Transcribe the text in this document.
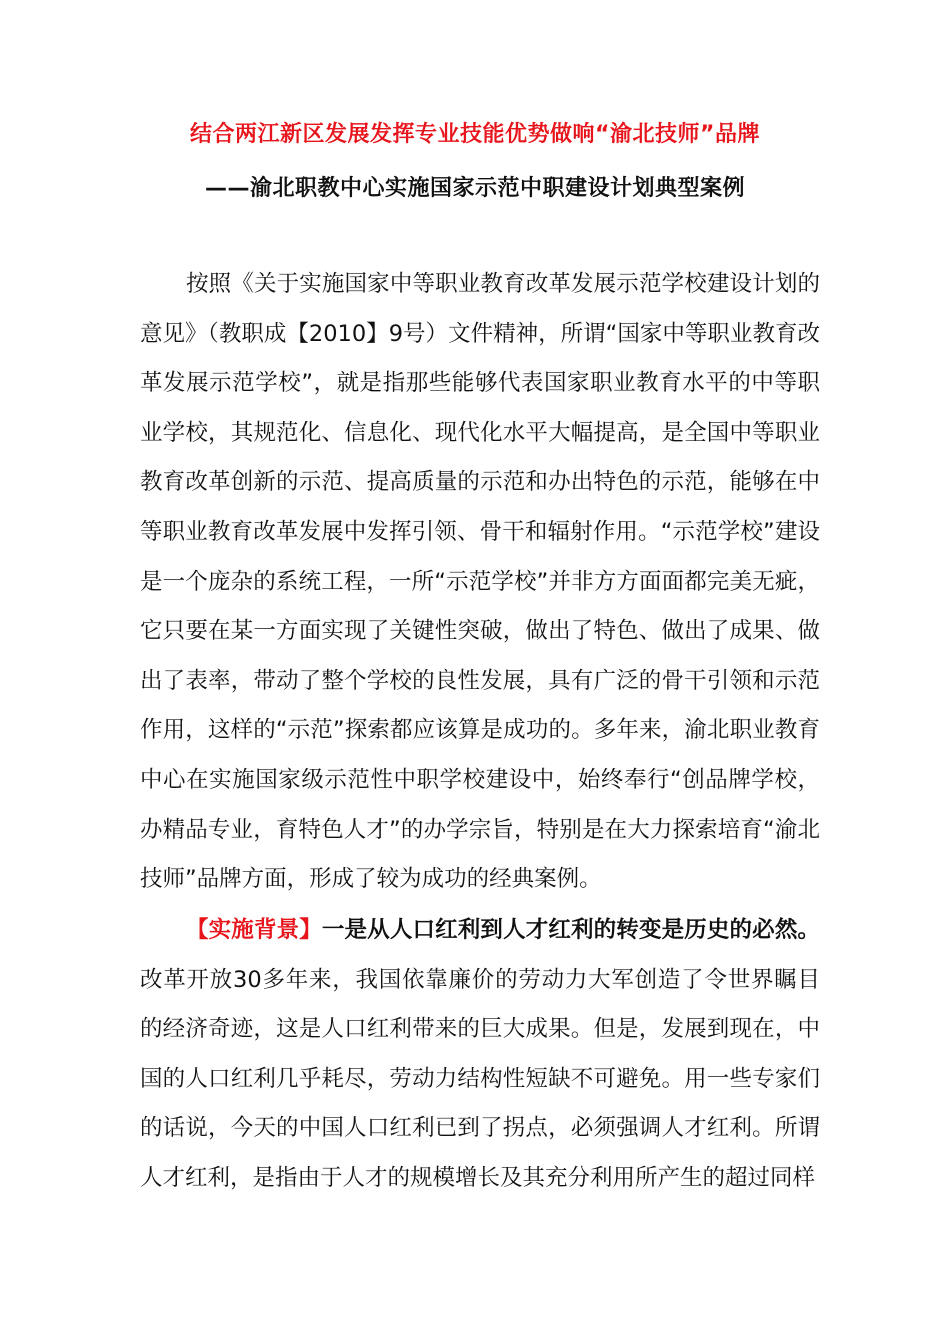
结合两江新区发展发挥专业技能优势做响“渝北技师”品牌
——渝北职教中心实施国家示范中职建设计划典型案例

按照《关于实施国家中等职业教育改革发展示范学校建设计划的意见》（教职成【2010】9号）文件精神，所谓“国家中等职业教育改革发展示范学校”，就是指那些能够代表国家职业教育水平的中等职业学校，其规范化、信息化、现代化水平大幅提高，是全国中等职业教育改革创新的示范、提高质量的示范和办出特色的示范，能够在中等职业教育改革发展中发挥引领、骨干和辐射作用。“示范学校”建设是一个庞杂的系统工程，一所“示范学校”并非方方面面都完美无疵，它只要在某一方面实现了关键性突破，做出了特色、做出了成果、做出了表率，带动了整个学校的良性发展，具有广泛的骨干引领和示范作用，这样的“示范”探索都应该算是成功的。多年来，渝北职业教育中心在实施国家级示范性中职学校建设中，始终奉行“创品牌学校，办精品专业，育特色人才”的办学宗旨，特别是在大力探索培育“渝北技师”品牌方面，形成了较为成功的经典案例。

【实施背景】一是从人口红利到人才红利的转变是历史的必然。改革开放30多年来，我国依靠廉价的劳动力大军创造了令世界瞩目的经济奇迹，这是人口红利带来的巨大成果。但是，发展到现在，中国的人口红利几乎耗尽，劳动力结构性短缺不可避免。用一些专家们的话说，今天的中国人口红利已到了拐点，必须强调人才红利。所谓人才红利，是指由于人才的规模增长及其充分利用所产生的超过同样
